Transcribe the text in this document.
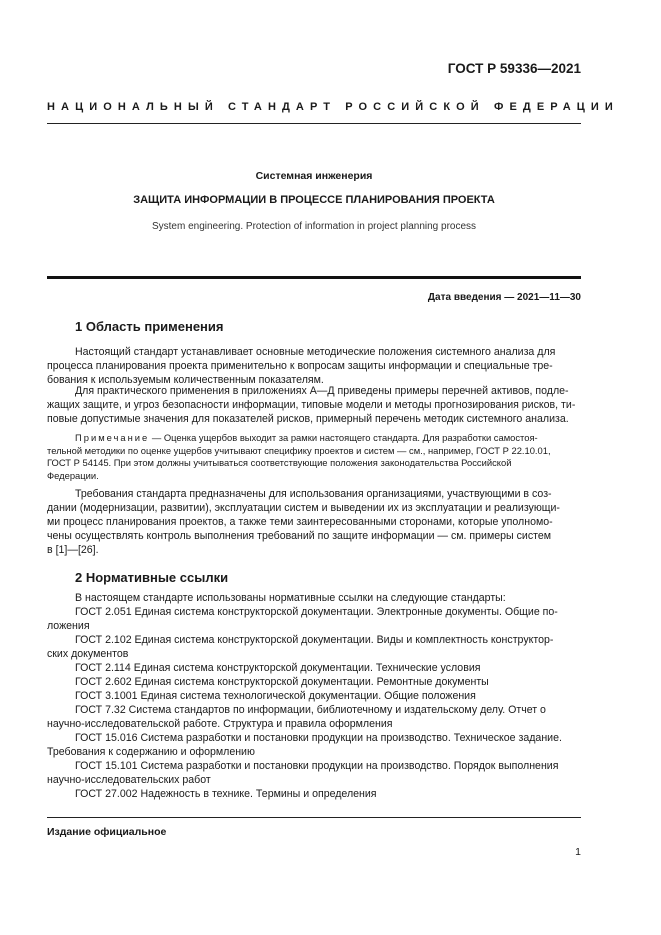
ГОСТ Р 59336—2021
НАЦИОНАЛЬНЫЙ СТАНДАРТ РОССИЙСКОЙ ФЕДЕРАЦИИ
Системная инженерия
ЗАЩИТА ИНФОРМАЦИИ В ПРОЦЕССЕ ПЛАНИРОВАНИЯ ПРОЕКТА
System engineering. Protection of information in project planning process
Дата введения — 2021—11—30
1 Область применения
Настоящий стандарт устанавливает основные методические положения системного анализа для
процесса планирования проекта применительно к вопросам защиты информации и специальные тре-
бования к используемым количественным показателям.
Для практического применения в приложениях А—Д приведены примеры перечней активов, подле-
жащих защите, и угроз безопасности информации, типовые модели и методы прогнозирования рисков, ти-
повые допустимые значения для показателей рисков, примерный перечень методик системного анализа.
Примечание — Оценка ущербов выходит за рамки настоящего стандарта. Для разработки самостоя-
тельной методики по оценке ущербов учитывают специфику проектов и систем — см., например, ГОСТ Р 22.10.01,
ГОСТ Р 54145. При этом должны учитываться соответствующие положения законодательства Российской
Федерации.
Требования стандарта предназначены для использования организациями, участвующими в соз-
дании (модернизации, развитии), эксплуатации систем и выведении их из эксплуатации и реализующи-
ми процесс планирования проектов, а также теми заинтересованными сторонами, которые уполномо-
чены осуществлять контроль выполнения требований по защите информации — см. примеры систем
в [1]—[26].
2 Нормативные ссылки
В настоящем стандарте использованы нормативные ссылки на следующие стандарты:
ГОСТ 2.051 Единая система конструкторской документации. Электронные документы. Общие по-
ложения
ГОСТ 2.102 Единая система конструкторской документации. Виды и комплектность конструктор-
ских документов
ГОСТ 2.114 Единая система конструкторской документации. Технические условия
ГОСТ 2.602 Единая система конструкторской документации. Ремонтные документы
ГОСТ 3.1001 Единая система технологической документации. Общие положения
ГОСТ 7.32 Система стандартов по информации, библиотечному и издательскому делу. Отчет о
научно-исследовательской работе. Структура и правила оформления
ГОСТ 15.016 Система разработки и постановки продукции на производство. Техническое задание.
Требования к содержанию и оформлению
ГОСТ 15.101 Система разработки и постановки продукции на производство. Порядок выполнения
научно-исследовательских работ
ГОСТ 27.002 Надежность в технике. Термины и определения
Издание официальное
1
